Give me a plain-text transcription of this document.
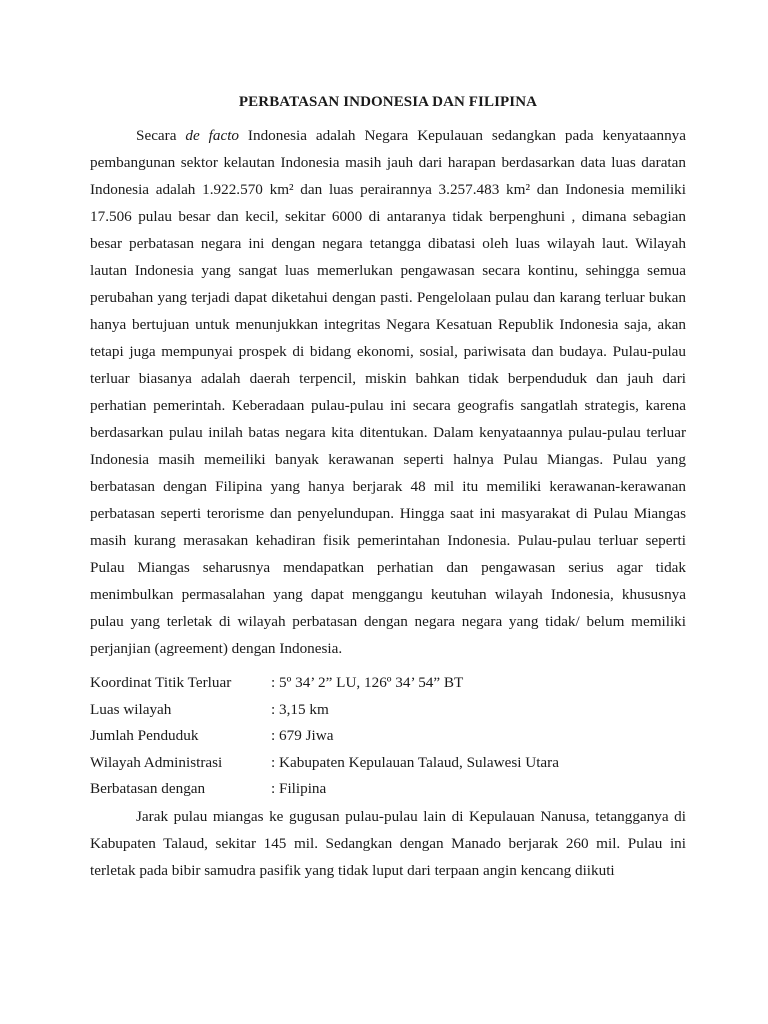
PERBATASAN INDONESIA DAN FILIPINA

Secara de facto Indonesia adalah Negara Kepulauan sedangkan pada kenyataannya pembangunan sektor kelautan Indonesia masih jauh dari harapan berdasarkan data luas daratan Indonesia adalah 1.922.570 km² dan luas perairannya 3.257.483 km² dan Indonesia memiliki 17.506 pulau besar dan kecil, sekitar 6000 di antaranya tidak berpenghuni , dimana sebagian besar perbatasan negara ini dengan negara tetangga dibatasi oleh luas wilayah laut. Wilayah lautan Indonesia yang sangat luas memerlukan pengawasan secara kontinu, sehingga semua perubahan yang terjadi dapat diketahui dengan pasti. Pengelolaan pulau dan karang terluar bukan hanya bertujuan untuk menunjukkan integritas Negara Kesatuan Republik Indonesia saja, akan tetapi juga mempunyai prospek di bidang ekonomi, sosial, pariwisata dan budaya. Pulau-pulau terluar biasanya adalah daerah terpencil, miskin bahkan tidak berpenduduk dan jauh dari perhatian pemerintah. Keberadaan pulau-pulau ini secara geografis sangatlah strategis, karena berdasarkan pulau inilah batas negara kita ditentukan. Dalam kenyataannya pulau-pulau terluar Indonesia masih memeiliki banyak kerawanan seperti halnya Pulau Miangas. Pulau yang berbatasan dengan Filipina yang hanya berjarak 48 mil itu memiliki kerawanan-kerawanan perbatasan seperti terorisme dan penyelundupan. Hingga saat ini masyarakat di Pulau Miangas masih kurang merasakan kehadiran fisik pemerintahan Indonesia. Pulau-pulau terluar seperti Pulau Miangas seharusnya mendapatkan perhatian dan pengawasan serius agar tidak menimbulkan permasalahan yang dapat menggangu keutuhan wilayah Indonesia, khususnya pulau yang terletak di wilayah perbatasan dengan negara negara yang tidak/ belum memiliki perjanjian (agreement) dengan Indonesia.

Koordinat Titik Terluar	: 5º 34’ 2” LU, 126º 34’ 54” BT
Luas wilayah	: 3,15 km
Jumlah Penduduk	: 679 Jiwa
Wilayah Administrasi	: Kabupaten Kepulauan Talaud, Sulawesi Utara
Berbatasan dengan	: Filipina

Jarak pulau miangas ke gugusan pulau-pulau lain di Kepulauan Nanusa, tetangganya di Kabupaten Talaud, sekitar 145 mil. Sedangkan dengan Manado berjarak 260 mil. Pulau ini terletak pada bibir samudra pasifik yang tidak luput dari terpaan angin kencang diikuti
